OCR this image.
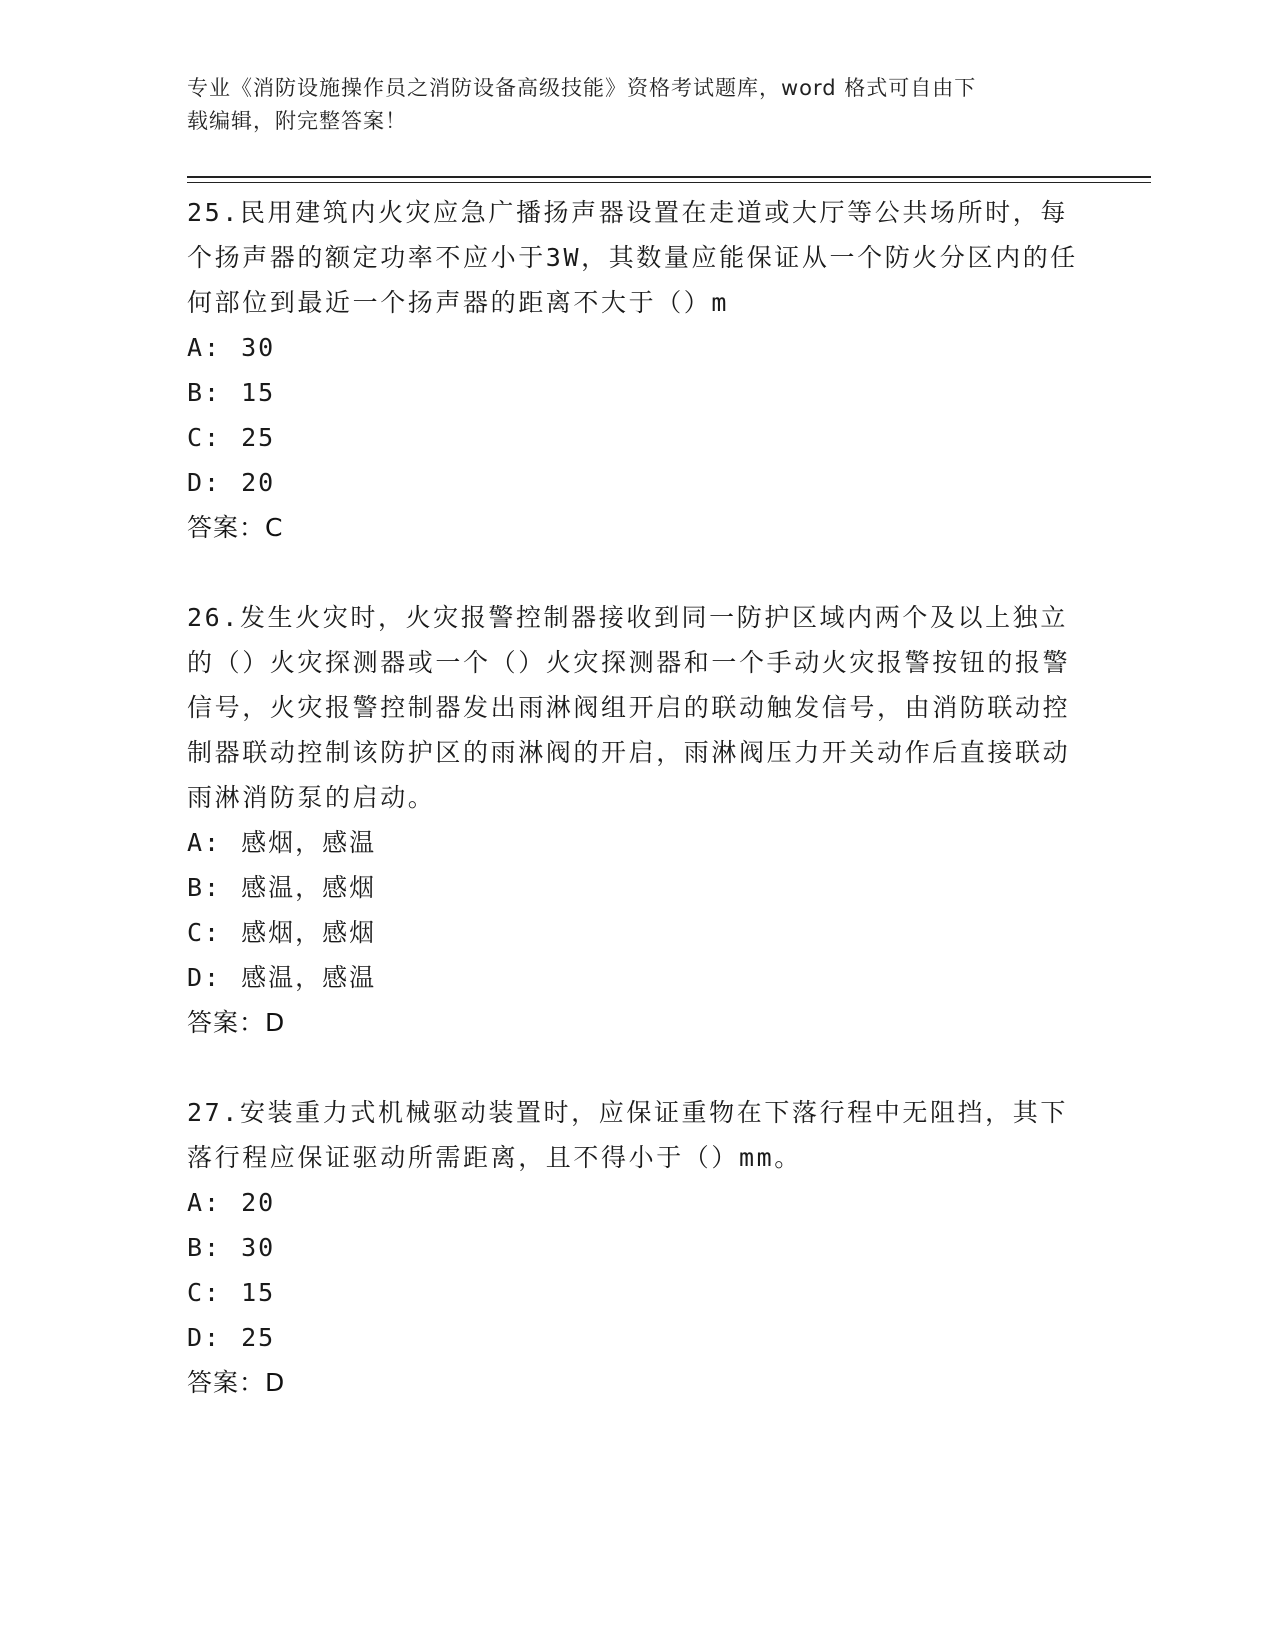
专业《消防设施操作员之消防设备高级技能》资格考试题库，word 格式可自由下
载编辑，附完整答案！
25.民用建筑内火灾应急广播扬声器设置在走道或大厅等公共场所时，每个扬声器的额定功率不应小于3W，其数量应能保证从一个防火分区内的任何部位到最近一个扬声器的距离不大于（）m
A: 30
B: 15
C: 25
D: 20
答案：C
26.发生火灾时，火灾报警控制器接收到同一防护区域内两个及以上独立的（）火灾探测器或一个（）火灾探测器和一个手动火灾报警按钮的报警信号，火灾报警控制器发出雨淋阀组开启的联动触发信号，由消防联动控制器联动控制该防护区的雨淋阀的开启，雨淋阀压力开关动作后直接联动雨淋消防泵的启动。
A: 感烟，感温
B: 感温，感烟
C: 感烟，感烟
D: 感温，感温
答案：D
27.安装重力式机械驱动装置时，应保证重物在下落行程中无阻挡，其下落行程应保证驱动所需距离，且不得小于（）mm。
A: 20
B: 30
C: 15
D: 25
答案：D
